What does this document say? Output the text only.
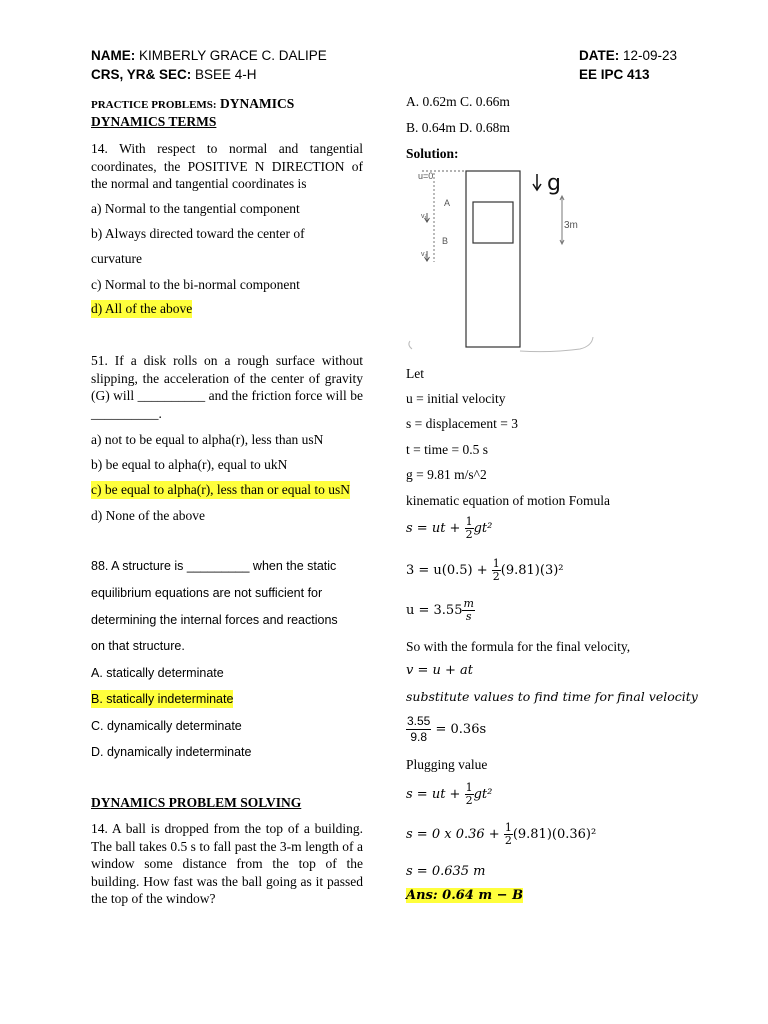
NAME: KIMBERLY GRACE C. DALIPE
CRS, YR& SEC: BSEE 4-H
DATE: 12-09-23
EE IPC 413
PRACTICE PROBLEMS: DYNAMICS
DYNAMICS TERMS
14. With respect to normal and tangential coordinates, the POSITIVE N DIRECTION of the normal and tangential coordinates is
a) Normal to the tangential component
b) Always directed toward the center of
curvature
c) Normal to the bi-normal component
d) All of the above
51. If a disk rolls on a rough surface without slipping, the acceleration of the center of gravity (G) will __________ and the friction force will be __________.
a) not to be equal to alpha(r), less than usN
b) be equal to alpha(r), equal to ukN
c) be equal to alpha(r), less than or equal to usN
d) None of the above
88. A structure is _________ when the static
equilibrium equations are not sufficient for
determining the internal forces and reactions
on that structure.
A. statically determinate
B. statically indeterminate
C. dynamically determinate
D. dynamically indeterminate
DYNAMICS PROBLEM SOLVING
14. A ball is dropped from the top of a building. The ball takes 0.5 s to fall past the 3-m length of a window some distance from the top of the building. How fast was the ball going as it passed the top of the window?
A. 0.62m C. 0.66m
B. 0.64m D. 0.68m
Solution:
u=0
A
B
v₁
v₂
g
3m
Let
u = initial velocity
s = displacement = 3
t = time = 0.5 s
g = 9.81 m/s^2
kinematic equation of motion Fomula
s = ut + $\frac{1}{2} gt^2$
$3 = u(0.5) + \frac{1}{2} (9.81)(3)^2$
$u = 3.55 \frac{m}{s}$
So with the formula for the final velocity,
v = u + at
substitute values to find time for final velocity
$\frac{3.55}{9.8} = 0.36s$
Plugging value
s = ut + $\frac{1}{2} gt^2$
s = 0 x $0.36 + \frac{1}{2} (9.81)(0.36)^2$
s = 0.635 m
Ans: 0.64 m − B
